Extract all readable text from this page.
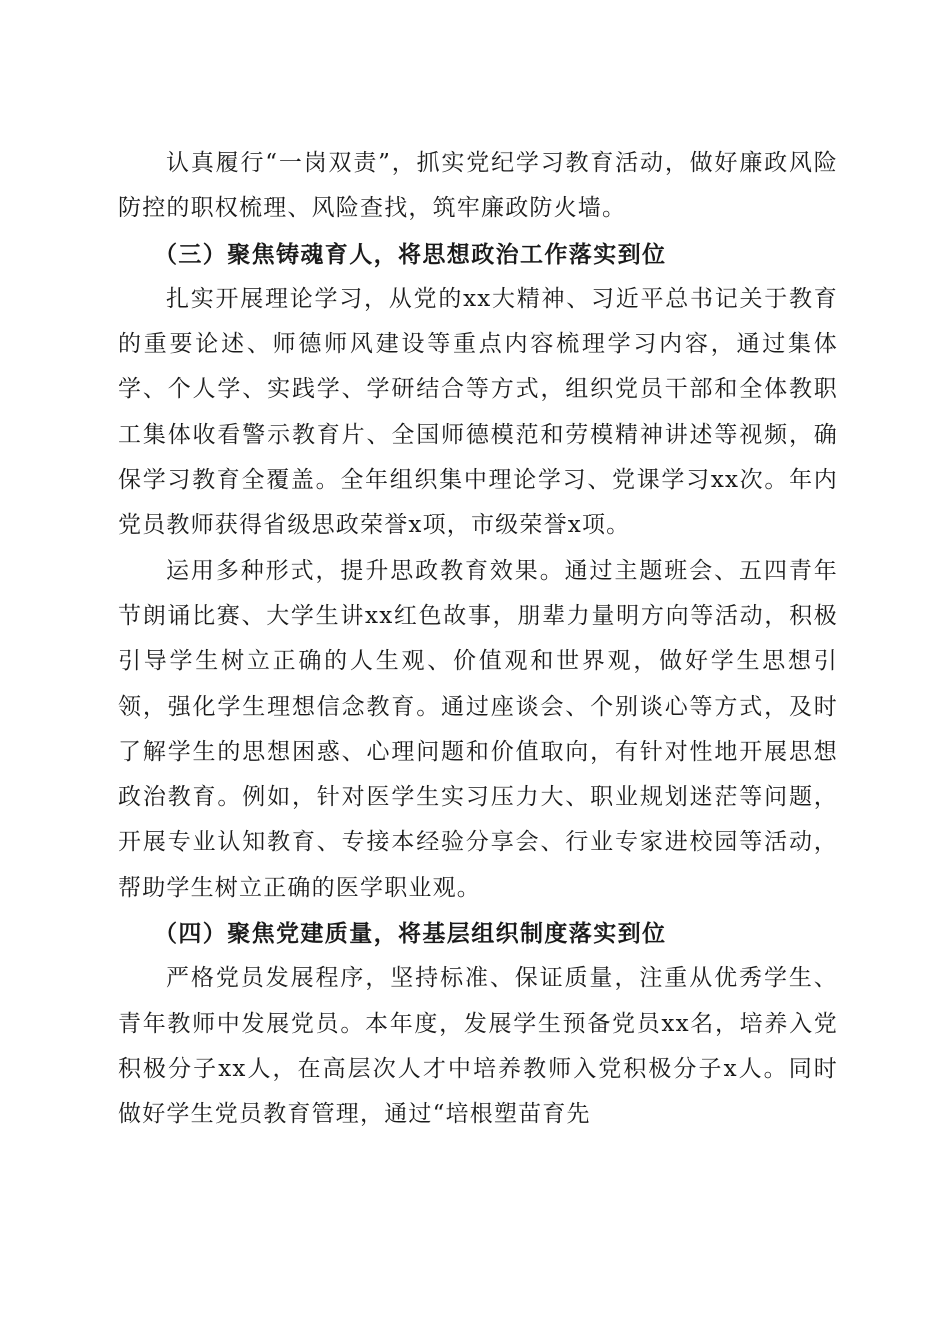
认真履行“一岗双责”，抓实党纪学习教育活动，做好廉政风险防控的职权梳理、风险查找，筑牢廉政防火墙。

（三）聚焦铸魂育人，将思想政治工作落实到位

扎实开展理论学习，从党的xx大精神、习近平总书记关于教育的重要论述、师德师风建设等重点内容梳理学习内容，通过集体学、个人学、实践学、学研结合等方式，组织党员干部和全体教职工集体收看警示教育片、全国师德模范和劳模精神讲述等视频，确保学习教育全覆盖。全年组织集中理论学习、党课学习xx次。年内党员教师获得省级思政荣誉x项，市级荣誉x项。

运用多种形式，提升思政教育效果。通过主题班会、五四青年节朗诵比赛、大学生讲xx红色故事，朋辈力量明方向等活动，积极引导学生树立正确的人生观、价值观和世界观，做好学生思想引领，强化学生理想信念教育。通过座谈会、个别谈心等方式，及时了解学生的思想困惑、心理问题和价值取向，有针对性地开展思想政治教育。例如，针对医学生实习压力大、职业规划迷茫等问题，开展专业认知教育、专接本经验分享会、行业专家进校园等活动，帮助学生树立正确的医学职业观。

（四）聚焦党建质量，将基层组织制度落实到位

严格党员发展程序，坚持标准、保证质量，注重从优秀学生、青年教师中发展党员。本年度，发展学生预备党员xx名，培养入党积极分子xx人，在高层次人才中培养教师入党积极分子x人。同时做好学生党员教育管理，通过“培根塑苗育先
